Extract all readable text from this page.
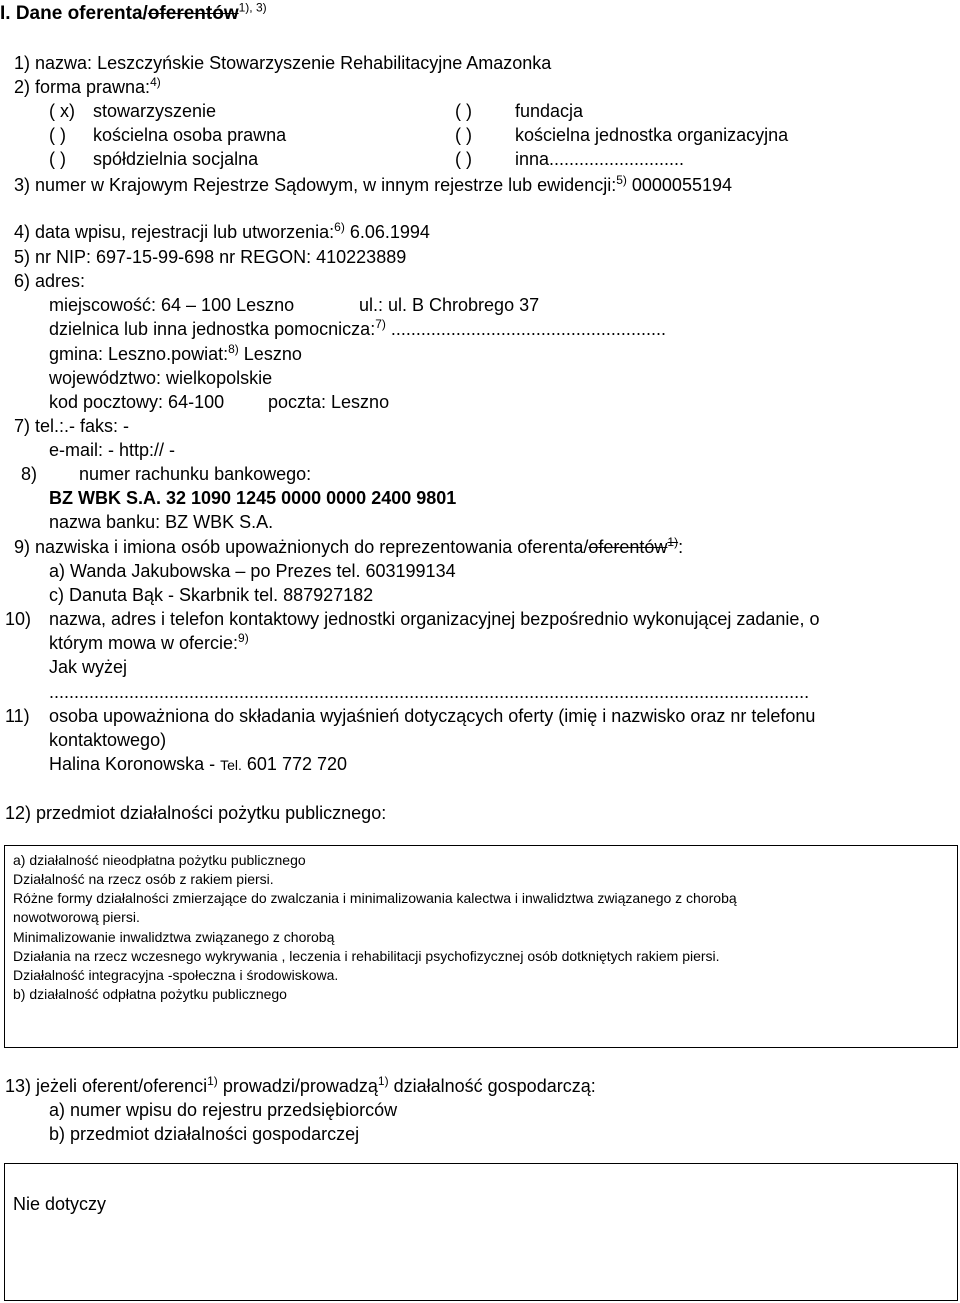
I. Dane oferenta/oferentów$^{1), 3)}$
1) nazwa: Leszczyńskie Stowarzyszenie Rehabilitacyjne Amazonka
2) forma prawna:$^{4)}$
( x) stowarzyszenie
( ) kościelna osoba prawna
( ) spółdzielnia socjalna
( ) fundacja
( ) kościelna jednostka organizacyjna
( ) inna...........................
3) numer w Krajowym Rejestrze Sądowym, w innym rejestrze lub ewidencji:$^{5)}$ 0000055194
4) data wpisu, rejestracji lub utworzenia:$^{6)}$ 6.06.1994
5) nr NIP: 697-15-99-698 nr REGON: 410223889
6) adres:
miejscowość: 64 – 100 Leszno	ul.: ul. B Chrobrego 37
dzielnica lub inna jednostka pomocnicza:$^{7)}$ .......................................................
gmina: Leszno.powiat:$^{8)}$ Leszno
województwo: wielkopolskie
kod pocztowy: 64-100 poczta: Leszno
7) tel.:.- faks: -
e-mail: - http:// -
8) numer rachunku bankowego:
BZ WBK S.A. 32 1090 1245 0000 0000 2400 9801
nazwa banku: BZ WBK S.A.
9) nazwiska i imiona osób upoważnionych do reprezentowania oferenta/oferentów$^{1)}$:
a) Wanda Jakubowska – po Prezes tel. 603199134
c) Danuta Bąk - Skarbnik tel. 887927182
10) nazwa, adres i telefon kontaktowy jednostki organizacyjnej bezpośrednio wykonującej zadanie, o
którym mowa w ofercie:$^{9)}$
Jak wyżej
........................................................................................................................................................
11) osoba upoważniona do składania wyjaśnień dotyczących oferty (imię i nazwisko oraz nr telefonu
kontaktowego)
Halina Koronowska - Tel. 601 772 720
12) przedmiot działalności pożytku publicznego:
a) działalność nieodpłatna pożytku publicznego
Działalność na rzecz osób z rakiem piersi.
Różne formy działalności zmierzające do zwalczania i minimalizowania kalectwa i inwalidztwa związanego z chorobą
nowotworową piersi.
Minimalizowanie inwalidztwa związanego z chorobą
Działania na rzecz wczesnego wykrywania , leczenia i rehabilitacji psychofizycznej osób dotkniętych rakiem piersi.
Działalność integracyjna -społeczna i środowiskowa.
b) działalność odpłatna pożytku publicznego
13) jeżeli oferent/oferenci$^{1)}$ prowadzi/prowadzą$^{1)}$ działalność gospodarczą:
a) numer wpisu do rejestru przedsiębiorców
b) przedmiot działalności gospodarczej
Nie dotyczy
